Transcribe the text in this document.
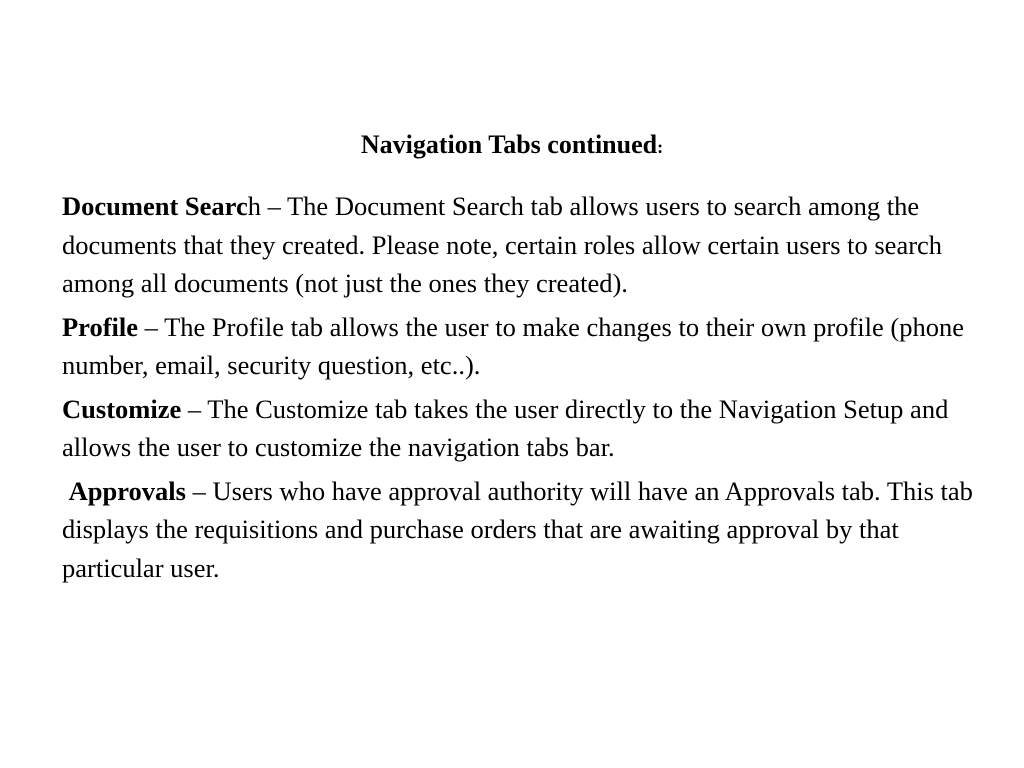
Navigation Tabs continued:

Document Search – The Document Search tab allows users to search among the documents that they created. Please note, certain roles allow certain users to search among all documents (not just the ones they created).

Profile – The Profile tab allows the user to make changes to their own profile (phone number, email, security question, etc..).

Customize – The Customize tab takes the user directly to the Navigation Setup and allows the user to customize the navigation tabs bar.

Approvals – Users who have approval authority will have an Approvals tab. This tab displays the requisitions and purchase orders that are awaiting approval by that particular user.
